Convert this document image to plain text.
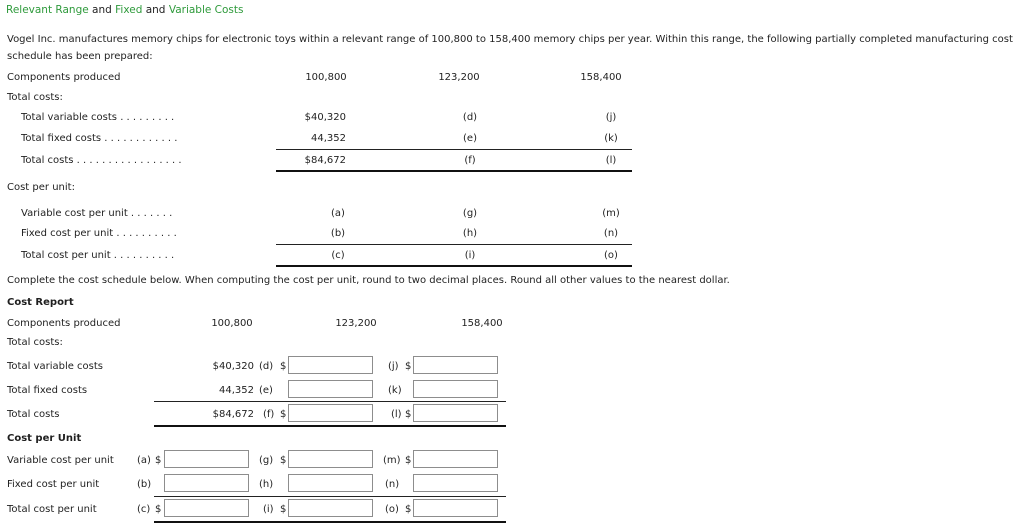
Relevant Range and Fixed and Variable Costs
Vogel Inc. manufactures memory chips for electronic toys within a relevant range of 100,800 to 158,400 memory chips per year. Within this range, the following partially completed manufacturing cost schedule has been prepared:
Components produced	100,800	123,200	158,400
Total costs:
Total variable costs . . . . . . . . .	$40,320	(d)	(j)
Total fixed costs . . . . . . . . . . . .	44,352	(e)	(k)
Total costs . . . . . . . . . . . . . . . . .	$84,672	(f)	(l)
Cost per unit:
Variable cost per unit . . . . . . .	(a)	(g)	(m)
Fixed cost per unit . . . . . . . . . .	(b)	(h)	(n)
Total cost per unit . . . . . . . . . .	(c)	(i)	(o)
Complete the cost schedule below. When computing the cost per unit, round to two decimal places. Round all other values to the nearest dollar.
Cost Report
Components produced	100,800	123,200	158,400
Total costs:
Total variable costs	$40,320 (d) $	(j) $
Total fixed costs	44,352 (e)	(k)
Total costs	$84,672 (f) $	(l) $
Cost per Unit
Variable cost per unit (a) $	(g) $	(m) $
Fixed cost per unit	(b)	(h)	(n)
Total cost per unit	(c) $	(i) $	(o) $
